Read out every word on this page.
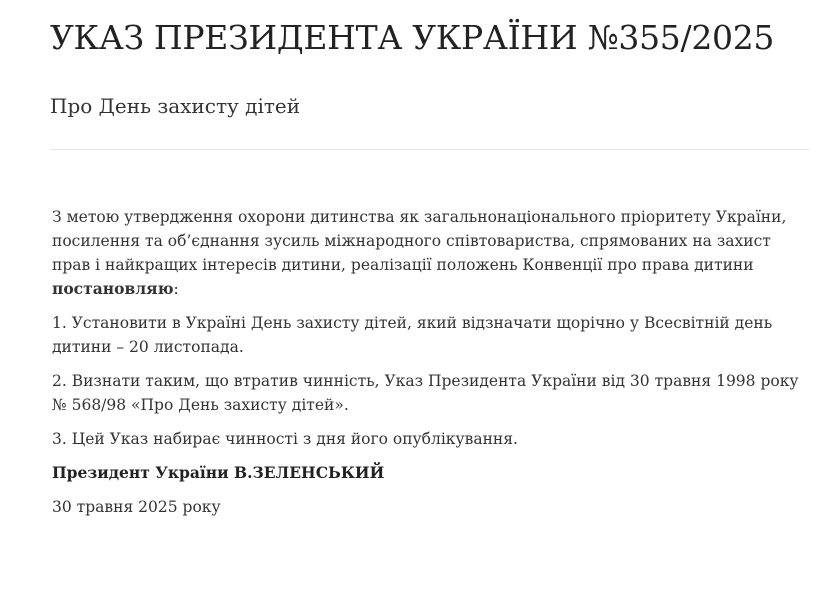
УКАЗ ПРЕЗИДЕНТА УКРАЇНИ №355/2025
Про День захисту дітей

З метою утвердження охорони дитинства як загальнонаціонального пріоритету України, посилення та об’єднання зусиль міжнародного співтовариства, спрямованих на захист прав і найкращих інтересів дитини, реалізації положень Конвенції про права дитини постановляю:

1. Установити в Україні День захисту дітей, який відзначати щорічно у Всесвітній день дитини – 20 листопада.

2. Визнати таким, що втратив чинність, Указ Президента України від 30 травня 1998 року № 568/98 «Про День захисту дітей».

3. Цей Указ набирає чинності з дня його опублікування.

Президент України В.ЗЕЛЕНСЬКИЙ

30 травня 2025 року
